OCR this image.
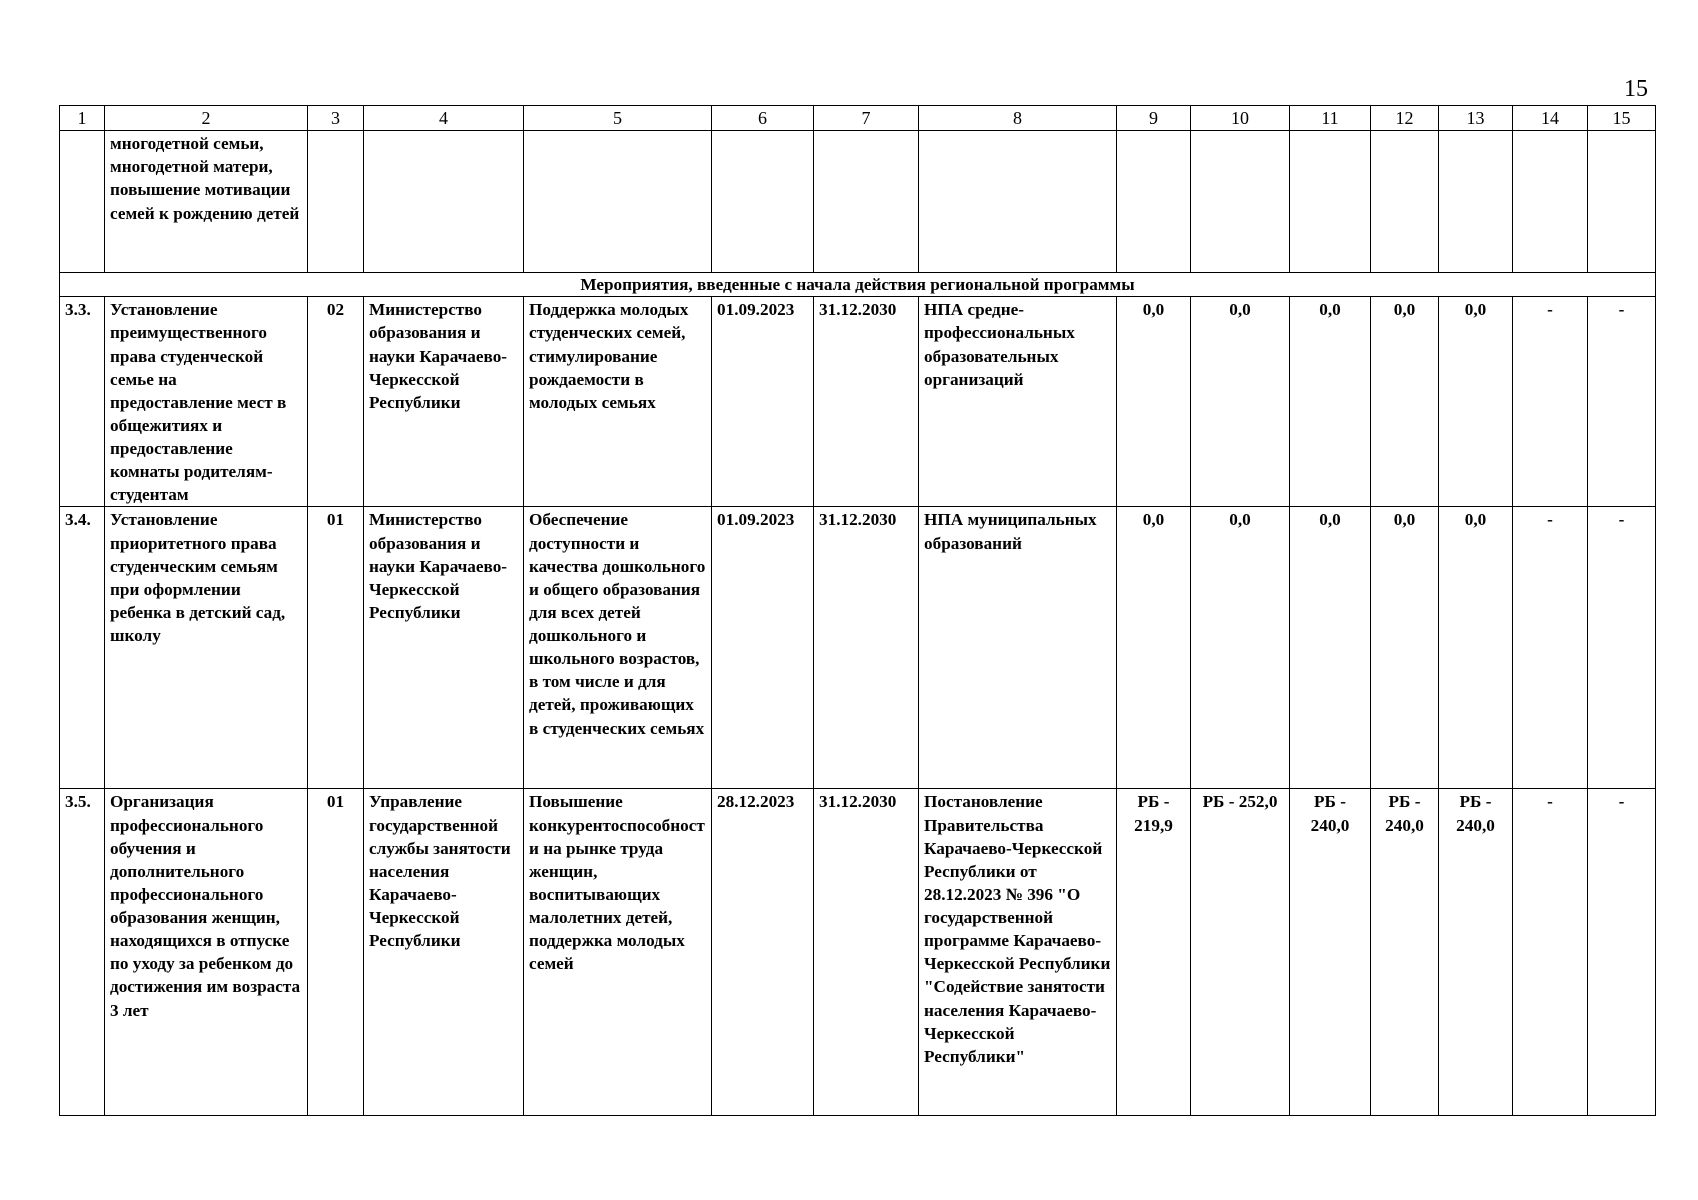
15
1	2	3	4	5	6	7	8	9	10	11	12	13	14	15
	многодетной семьи, многодетной матери, повышение мотивации семей к рождению детей													
Мероприятия, введенные с начала действия региональной программы														
3.3.	Установление преимущественного права студенческой семье на предоставление мест в общежитиях и предоставление комнаты родителям-студентам	02	Министерство образования и науки Карачаево-Черкесской Республики	Поддержка молодых студенческих семей, стимулирование рождаемости в молодых семьях	01.09.2023	31.12.2030	НПА средне-профессиональных образовательных организаций	0,0	0,0	0,0	0,0	0,0	-	-
3.4.	Установление приоритетного права студенческим семьям при оформлении ребенка в детский сад, школу	01	Министерство образования и науки Карачаево-Черкесской Республики	Обеспечение доступности и качества дошкольного и общего образования для всех детей дошкольного и школьного возрастов, в том числе и для детей, проживающих в студенческих семьях	01.09.2023	31.12.2030	НПА муниципальных образований	0,0	0,0	0,0	0,0	0,0	-	-
3.5.	Организация профессионального обучения и дополнительного профессионального образования женщин, находящихся в отпуске по уходу за ребенком до достижения им возраста 3 лет	01	Управление государственной службы занятости населения Карачаево-Черкесской Республики	Повышение конкурентоспособности на рынке труда женщин, воспитывающих малолетних детей, поддержка молодых семей	28.12.2023	31.12.2030	Постановление Правительства Карачаево-Черкесской Республики от 28.12.2023 № 396 "О государственной программе Карачаево-Черкесской Республики "Содействие занятости населения Карачаево-Черкесской Республики"	РБ - 219,9	РБ - 252,0	РБ - 240,0	РБ - 240,0	РБ - 240,0	-	-
